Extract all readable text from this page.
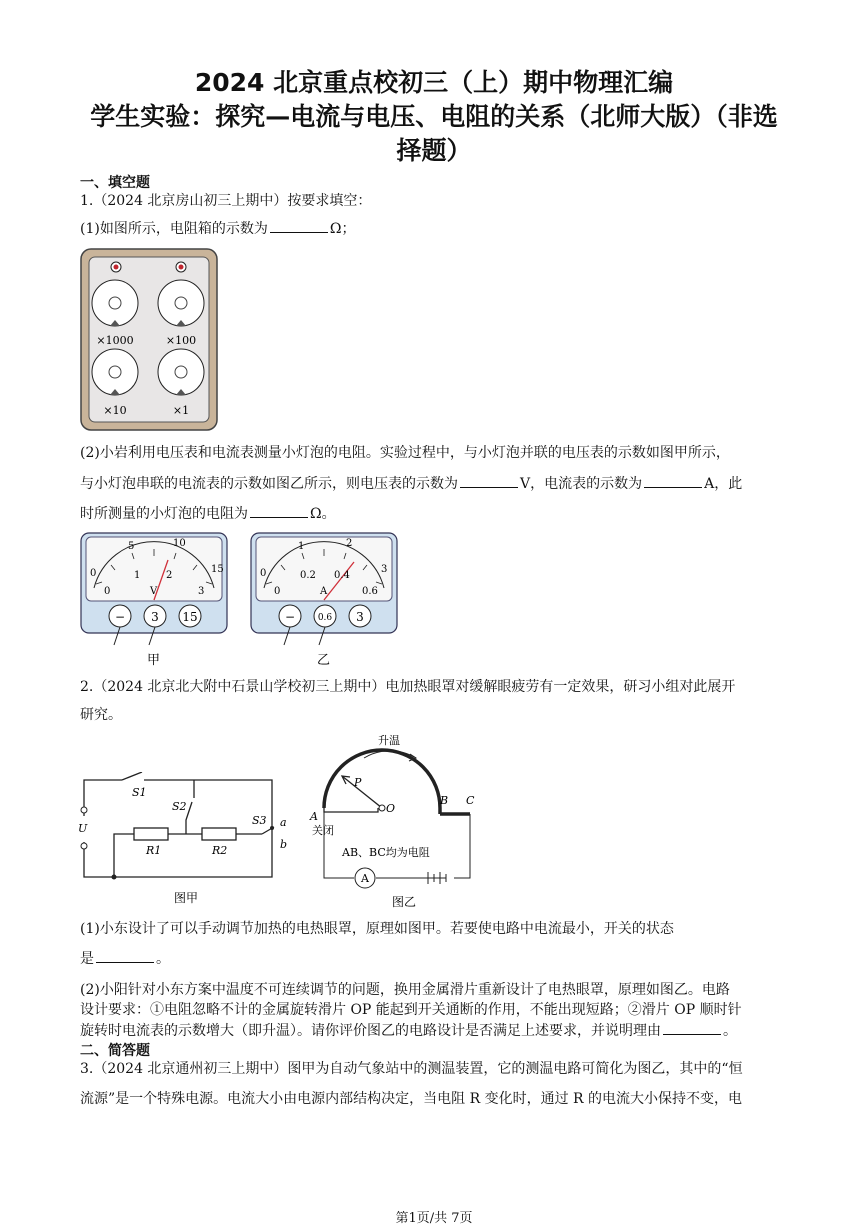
2024 北京重点校初三（上）期中物理汇编
学生实验：探究—电流与电压、电阻的关系（北师大版）（非选
择题）
一、填空题
1.（2024 北京房山初三上期中）按要求填空：
(1)如图所示，电阻箱的示数为	Ω；
×1000	×100
×10	×1
(2)小岩利用电压表和电流表测量小灯泡的电阻。实验过程中，与小灯泡并联的电压表的示数如图甲所示，
与小灯泡串联的电流表的示数如图乙所示，则电压表的示数为	V，电流表的示数为	A，此
时所测量的小灯泡的电阻为	Ω。
0
5	10
15
0
1	2
3
V
− 3 15
甲
0
1	2
3
0
0.2 0.4
0.6
A
−	0.6 3
乙
2.（2024 北京北大附中石景山学校初三上期中）电加热眼罩对缓解眼疲劳有一定效果，研习小组对此展开
研究。
S1
S2
S3
U
R1	R2
a
b
图甲
A
升温
P
O
A
B C
关闭
AB、BC均为电阻
图乙
(1)小东设计了可以手动调节加热的电热眼罩，原理如图甲。若要使电路中电流最小，开关的状态
是	。
(2)小阳针对小东方案中温度不可连续调节的问题，换用金属滑片重新设计了电热眼罩，原理如图乙。电路
设计要求：①电阻忽略不计的金属旋转滑片 OP 能起到开关通断的作用，不能出现短路；②滑片 OP 顺时针
旋转时电流表的示数增大（即升温）。请你评价图乙的电路设计是否满足上述要求，并说明理由	。
二、简答题
3.（2024 北京通州初三上期中）图甲为自动气象站中的测温装置，它的测温电路可简化为图乙，其中的“恒
流源”是一个特殊电源。电流大小由电源内部结构决定，当电阻 R 变化时，通过 R 的电流大小保持不变，电
第1页/共 7页
